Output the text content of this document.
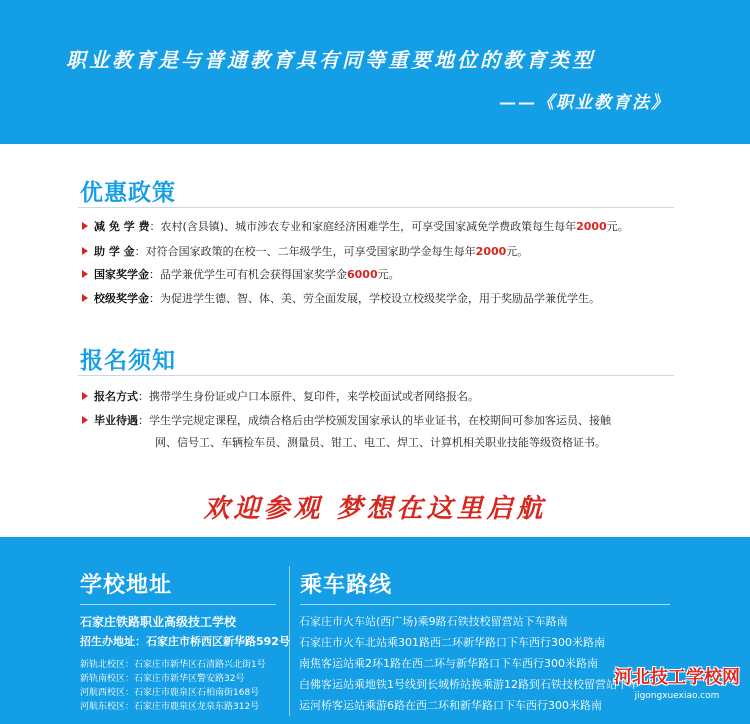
职业教育是与普通教育具有同等重要地位的教育类型
——《职业教育法》
优惠政策
减 免 学 费：农村(含县镇)、城市涉农专业和家庭经济困难学生，可享受国家减免学费政策每生每年2000元。
助 学 金：对符合国家政策的在校一、二年级学生，可享受国家助学金每生每年2000元。
国家奖学金：品学兼优学生可有机会获得国家奖学金6000元。
校级奖学金：为促进学生德、智、体、美、劳全面发展，学校设立校级奖学金，用于奖励品学兼优学生。
报名须知
报名方式：携带学生身份证或户口本原件、复印件，来学校面试或者网络报名。
毕业待遇：学生学完规定课程，成绩合格后由学校颁发国家承认的毕业证书，在校期间可参加客运员、接触
网、信号工、车辆检车员、测量员、钳工、电工、焊工、计算机相关职业技能等级资格证书。
欢迎参观 梦想在这里启航
学校地址
石家庄铁路职业高级技工学校
招生办地址：石家庄市桥西区新华路592号
新轨北校区：石家庄市新华区石清路兴北街1号
新轨南校区：石家庄市新华区警安路32号
河航西校区：石家庄市鹿泉区石柏南街168号
河航东校区：石家庄市鹿泉区龙泉东路312号
乘车路线
石家庄市火车站(西广场)乘9路石铁技校留营站下车路南
石家庄市火车北站乘301路西二环新华路口下车西行300米路南
南焦客运站乘2环1路在西二环与新华路口下车西行300米路南
白佛客运站乘地铁1号线到长城桥站换乘游12路到石铁技校留营站下车
运河桥客运站乘游6路在西二环和新华路口下车西行300米路南
河北技工学校网
jigongxuexiao.com
